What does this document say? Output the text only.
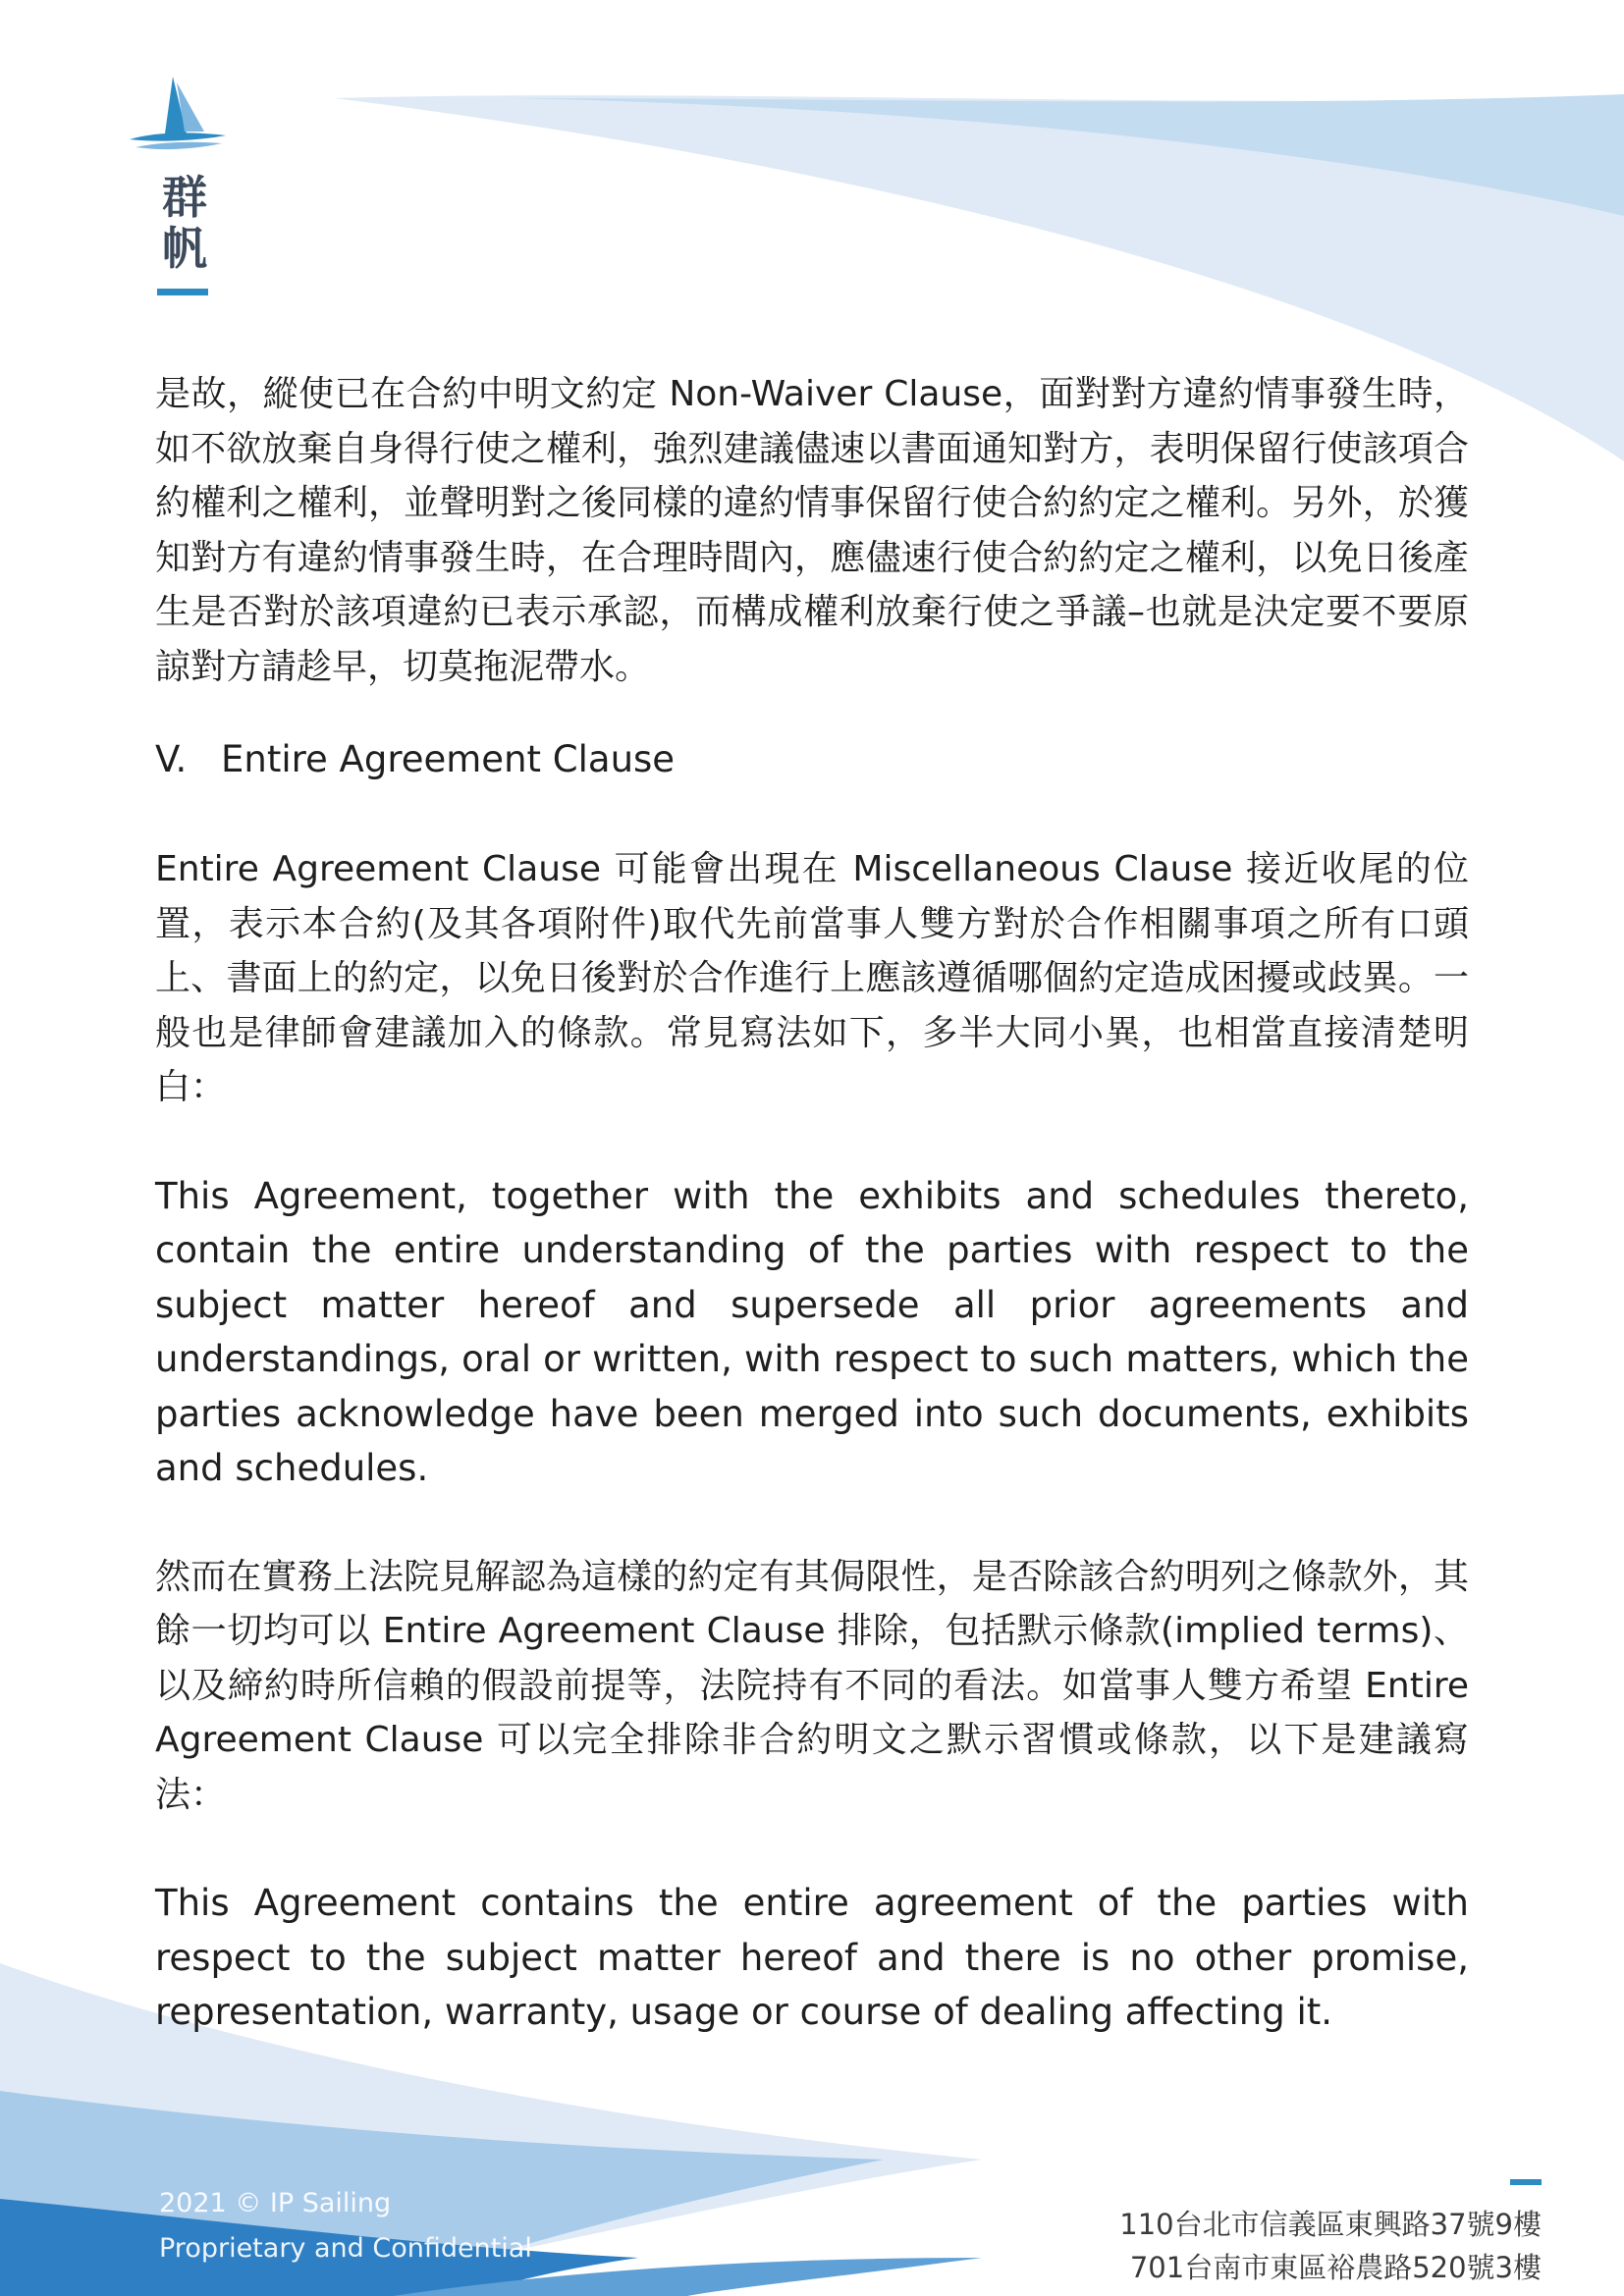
群
帆

是故，縱使已在合約中明文約定 Non-Waiver Clause，面對對方違約情事發生時，如不欲放棄自身得行使之權利，強烈建議儘速以書面通知對方，表明保留行使該項合約權利之權利，並聲明對之後同樣的違約情事保留行使合約約定之權利。另外，於獲知對方有違約情事發生時，在合理時間內，應儘速行使合約約定之權利，以免日後產生是否對於該項違約已表示承認，而構成權利放棄行使之爭議–也就是決定要不要原諒對方請趁早，切莫拖泥帶水。

V. Entire Agreement Clause

Entire Agreement Clause 可能會出現在 Miscellaneous Clause 接近收尾的位置，表示本合約(及其各項附件)取代先前當事人雙方對於合作相關事項之所有口頭上、書面上的約定，以免日後對於合作進行上應該遵循哪個約定造成困擾或歧異。一般也是律師會建議加入的條款。常見寫法如下，多半大同小異，也相當直接清楚明白：

This Agreement, together with the exhibits and schedules thereto, contain the entire understanding of the parties with respect to the subject matter hereof and supersede all prior agreements and understandings, oral or written, with respect to such matters, which the parties acknowledge have been merged into such documents, exhibits and schedules.

然而在實務上法院見解認為這樣的約定有其侷限性，是否除該合約明列之條款外，其餘一切均可以 Entire Agreement Clause 排除，包括默示條款(implied terms)、以及締約時所信賴的假設前提等，法院持有不同的看法。如當事人雙方希望 Entire Agreement Clause 可以完全排除非合約明文之默示習慣或條款，以下是建議寫法：

This Agreement contains the entire agreement of the parties with respect to the subject matter hereof and there is no other promise, representation, warranty, usage or course of dealing affecting it.

2021 © IP Sailing
Proprietary and Confidential
110台北市信義區東興路37號9樓
701台南市東區裕農路520號3樓
